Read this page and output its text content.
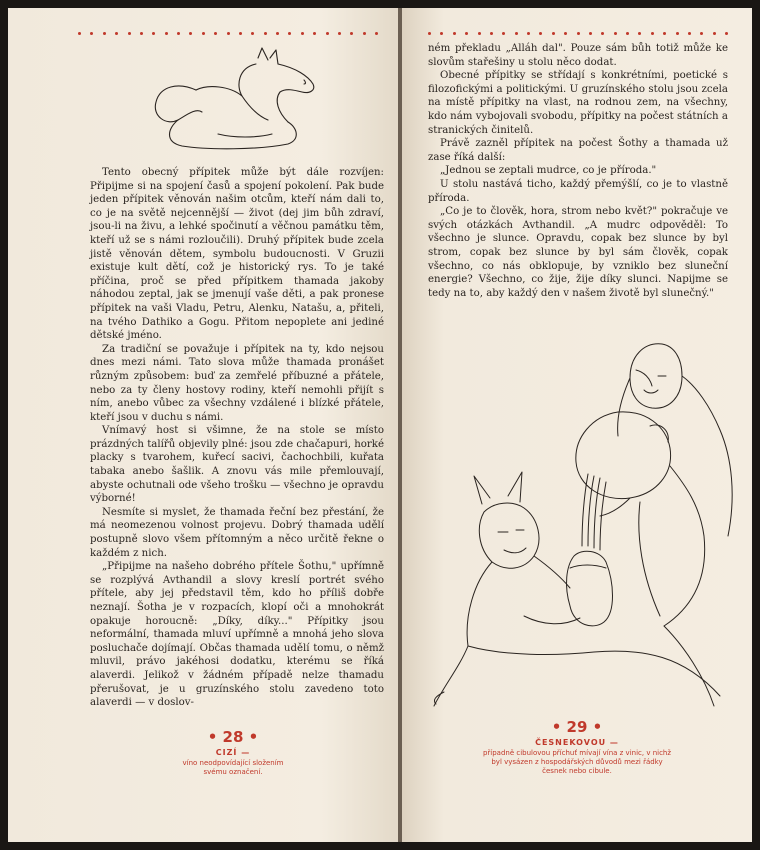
Tento obecný přípitek může být dále rozvíjen: Připijme si na spojení časů a spojení pokolení. Pak bude jeden přípitek věnován našim otcům, kteří nám dali to, co je na světě nejcennější — život (dej jim bůh zdraví, jsou-li na živu, a lehké spočinutí a věčnou památku těm, kteří už se s námi rozloučili). Druhý přípitek bude zcela jistě věnován dětem, symbolu budoucnosti. V Gruzii existuje kult dětí, což je historický rys. To je také příčina, proč se před přípitkem thamada jakoby náhodou zeptal, jak se jmenují vaše děti, a pak pronese přípitek na vaši Vladu, Petru, Alenku, Natašu, a, přiteli, na tvého Dathiko a Gogu. Přitom nepoplete ani jediné dětské jméno.

Za tradiční se považuje i přípitek na ty, kdo nejsou dnes mezi námi. Tato slova může thamada pronášet různým způsobem: buď za zemřelé příbuzné a přátele, nebo za ty členy hostovy rodiny, kteří nemohli přijít s ním, anebo vůbec za všechny vzdálené i blízké přátele, kteří jsou v duchu s námi.

Vnímavý host si všimne, že na stole se místo prázdných talířů objevily plné: jsou zde chačapuri, horké placky s tvarohem, kuřecí sacivi, čachochbili, kuřata tabaka anebo šašlik. A znovu vás mile přemlouvají, abyste ochutnali ode všeho trošku — všechno je opravdu výborné!

Nesmíte si myslet, že thamada řeční bez přestání, že má neomezenou volnost projevu. Dobrý thamada udělí postupně slovo všem přítomným a něco určitě řekne o každém z nich.

„Připijme na našeho dobrého přítele Šothu," upřímně se rozplývá Avthandil a slovy kreslí portrét svého přítele, aby jej představil těm, kdo ho příliš dobře neznají. Šotha je v rozpacích, klopí oči a mnohokrát opakuje horoucně: „Díky, díky..." Přípitky jsou neformální, thamada mluví upřímně a mnohá jeho slova posluchače dojímají. Občas thamada udělí tomu, o němž mluvil, právo jakéhosi dodatku, kterému se říká alaverdi. Jelikož v žádném případě nelze thamadu přerušovat, je u gruzínského stolu zavedeno toto alaverdi — v doslov-

• 28 •
CIZÍ —
víno neodpovídající složením svému označení.

ném překladu „Alláh dal". Pouze sám bůh totiž může ke slovům stařešiny u stolu něco dodat.

Obecné přípitky se střídají s konkrétními, poetické s filozofickými a politickými. U gruzínského stolu jsou zcela na místě přípitky na vlast, na rodnou zem, na všechny, kdo nám vybojovali svobodu, přípitky na počest státních a stranických činitelů.

Právě zazněl přípitek na počest Šothy a thamada už zase říká další:

„Jednou se zeptali mudrce, co je příroda."

U stolu nastává ticho, každý přemýšlí, co je to vlastně příroda.

„Co je to člověk, hora, strom nebo květ?" pokračuje ve svých otázkách Avthandil. „A mudrc odpověděl: To všechno je slunce. Opravdu, copak bez slunce by byl strom, copak bez slunce by byl sám člověk, copak všechno, co nás obklopuje, by vzniklo bez sluneční energie? Všechno, co žije, žije díky slunci. Napijme se tedy na to, aby každý den v našem životě byl slunečný."

• 29 •
ČESNEKOVOU —
případně cibulovou příchuť mívají vína z vinic, v nichž byl vysázen z hospodářských důvodů mezi řádky česnek nebo cibule.
